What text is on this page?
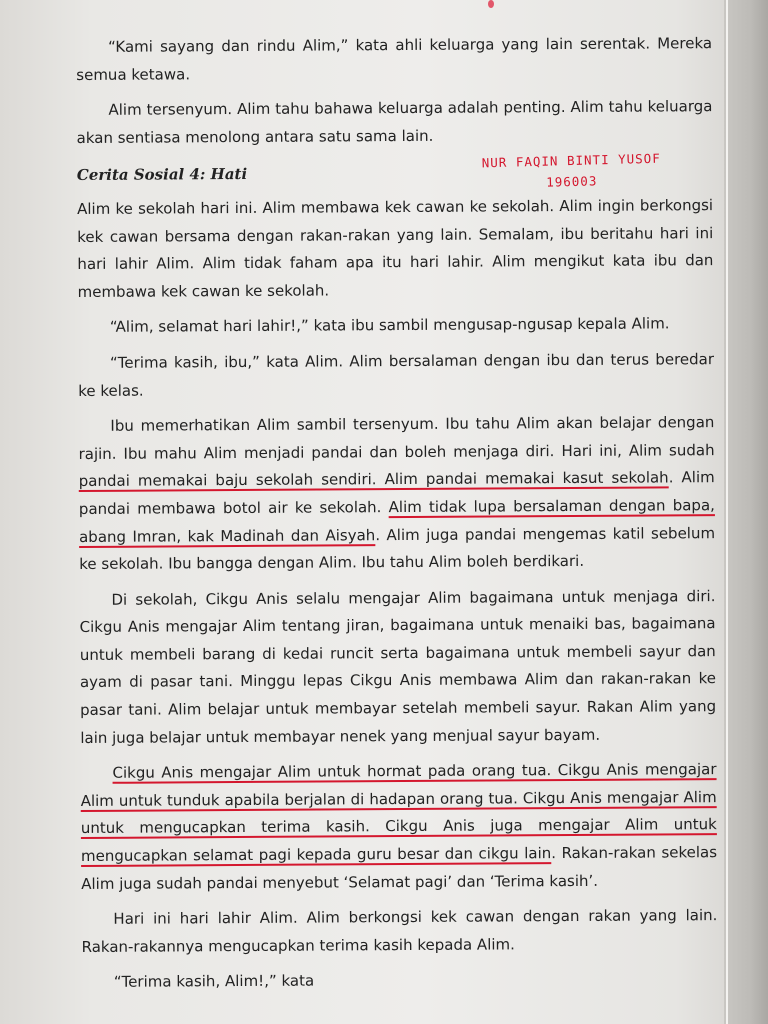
“Kami sayang dan rindu Alim,” kata ahli keluarga yang lain serentak. Mereka semua ketawa.

Alim tersenyum. Alim tahu bahawa keluarga adalah penting. Alim tahu keluarga akan sentiasa menolong antara satu sama lain.

Cerita Sosial 4: Hati

Alim ke sekolah hari ini. Alim membawa kek cawan ke sekolah. Alim ingin berkongsi kek cawan bersama dengan rakan-rakan yang lain. Semalam, ibu beritahu hari ini hari lahir Alim. Alim tidak faham apa itu hari lahir. Alim mengikut kata ibu dan membawa kek cawan ke sekolah.

“Alim, selamat hari lahir!,” kata ibu sambil mengusap-ngusap kepala Alim.

“Terima kasih, ibu,” kata Alim. Alim bersalaman dengan ibu dan terus beredar ke kelas.

Ibu memerhatikan Alim sambil tersenyum. Ibu tahu Alim akan belajar dengan rajin. Ibu mahu Alim menjadi pandai dan boleh menjaga diri. Hari ini, Alim sudah pandai memakai baju sekolah sendiri. Alim pandai memakai kasut sekolah. Alim pandai membawa botol air ke sekolah. Alim tidak lupa bersalaman dengan bapa, abang Imran, kak Madinah dan Aisyah. Alim juga pandai mengemas katil sebelum ke sekolah. Ibu bangga dengan Alim. Ibu tahu Alim boleh berdikari.

Di sekolah, Cikgu Anis selalu mengajar Alim bagaimana untuk menjaga diri. Cikgu Anis mengajar Alim tentang jiran, bagaimana untuk menaiki bas, bagaimana untuk membeli barang di kedai runcit serta bagaimana untuk membeli sayur dan ayam di pasar tani. Minggu lepas Cikgu Anis membawa Alim dan rakan-rakan ke pasar tani. Alim belajar untuk membayar setelah membeli sayur. Rakan Alim yang lain juga belajar untuk membayar nenek yang menjual sayur bayam.

Cikgu Anis mengajar Alim untuk hormat pada orang tua. Cikgu Anis mengajar Alim untuk tunduk apabila berjalan di hadapan orang tua. Cikgu Anis mengajar Alim untuk mengucapkan terima kasih. Cikgu Anis juga mengajar Alim untuk mengucapkan selamat pagi kepada guru besar dan cikgu lain. Rakan-rakan sekelas Alim juga sudah pandai menyebut ‘Selamat pagi’ dan ‘Terima kasih’.

Hari ini hari lahir Alim. Alim berkongsi kek cawan dengan rakan yang lain. Rakan-rakannya mengucapkan terima kasih kepada Alim.

“Terima kasih, Alim!,” kata

NUR FAQIN BINTI YUSOF
196003
